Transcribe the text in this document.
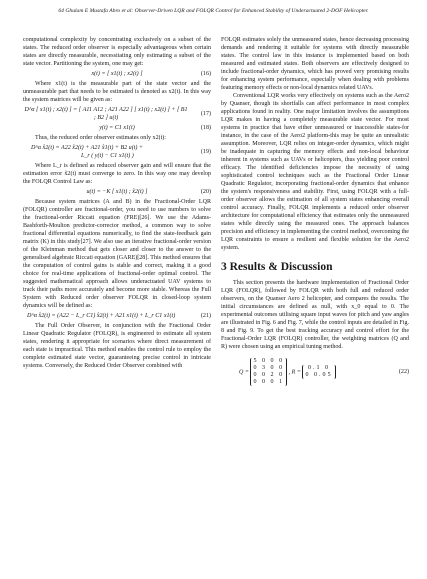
64 Ghulam E Mustafa Abro et al: Observer-Driven LQR and FOLQR Control for Enhanced Stability of Underactuated 2-DOF Helicopter.

computational complexity by concentrating exclusively on a subset of the states. The reduced order observer is especially advantageous when certain states are directly measurable, necessitating only estimating a subset of the state vector. Partitioning the system, one may get:

x(t) = [ x1(t) ; x2(t) ]	(16)

Where x1(t) is the measurable part of the state vector and the unmeasurable part that needs to be estimated is denoted as x2(t). In this way the system matrices will be given as:

D^α [ x1(t) ; x2(t) ] = [ A11 A12 ; A21 A22 ] [ x1(t) ; x2(t) ] + [ B1 ; B2 ] u(t)
(17)
y(t) = C1 x1(t)	(18)

Thus, the reduced order observer estimates only x2(t):

D^α x̂2(t) = A22 x̂2(t) + A21 x̂1(t) + B2 u(t) +
L_r ( y(t) − C1 x1(t) )
(19)

Where L_r is defined as reduced observer gain and will ensure that the estimation error x̃2(t) must converge to zero. In this way one may develop the FOLQR Control Law as:

u(t) = −K [ x1(t) ; x̂2(t) ]	(20)

Because system matrices (A and B) in the Fractional-Order LQR (FOLQR) controller are fractional-order, you need to use numbers to solve the fractional-order Riccati equation (FRE)[26]. We use the Adams-Bashforth-Moulton predictor-corrector method, a common way to solve fractional differential equations numerically, to find the state-feedback gain matrix (K) in this study[27]. We also use an iterative fractional-order version of the Kleinman method that gets closer and closer to the answer to the generalised algebraic Riccati equation (GARE)[28]. This method ensures that the computation of control gains is stable and correct, making it a good choice for real-time applications of fractional-order optimal control. The suggested mathematical approach allows underactuated UAV systems to track their paths more accurately and become more stable. Whereas the Full System with Reduced order observer FOLQR in closed-loop system dynamics will be defined as:

D^α x̂2(t) = (A22 − L_r C1) x̂2(t) + A21 x1(t) + L_r C1 x1(t)	(21)

The Full Order Observer, in conjunction with the Fractional Order Linear Quadratic Regulator (FOLQR), is engineered to estimate all system states, rendering it appropriate for scenarios where direct measurement of each state is impractical. This method enables the control rule to employ the complete estimated state vector, guaranteeing precise control in intricate systems. Conversely, the Reduced Order Observer combined with

FOLQR estimates solely the unmeasured states, hence decreasing processing demands and rendering it suitable for systems with directly measurable states. The control law in this instance is implemented based on both measured and estimated states. Both observers are effectively designed to include fractional-order dynamics, which has proved very promising results for enhancing system performance, especially when dealing with problems featuring memory effects or non-local dynamics related UAVs.

Conventional LQR works very effectively on systems such as the Aero2 by Quanser, though its shortfalls can affect performance in most complex applications found in reality. One major limitation involves the assumptions LQR makes in having a completely measurable state vector. For most systems in practice that have either unmeasured or inaccessible states-for instance, in the case of the Aero2 platform-this may be quite an unrealistic assumption. Moreover, LQR relies on integer-order dynamics, which might be inadequate in capturing the memory effects and non-local behaviour inherent in systems such as UAVs or helicopters, thus yielding poor control efficacy. The identified deficiencies impose the necessity of using sophisticated control techniques such as the Fractional Order Linear Quadratic Regulator, incorporating fractional-order dynamics that enhance the system's responsiveness and stability. First, using FOLQR with a full-order observer allows the estimation of all system states enhancing overall control accuracy. Finally, FOLQR implements a reduced order observer architecture for computational efficiency that estimates only the unmeasured states while directly using the measured ones. The approach balances precision and efficiency in implementing the control method, overcoming the LQR constraints to ensure a resilient and flexible solution for the Aero2 system.

3 Results & Discussion

This section presents the hardware implementation of Fractional Order LQR (FOLQR), followed by FOLQR with both full and reduced order observers, on the Quanser Aero 2 helicopter, and compares the results. The initial circumstances are defined as null, with x_0 equal to 0. The experimental outcomes utilising square input waves for pitch and yaw angles are illustrated in Fig. 6 and Fig. 7, while the control inputs are detailed in Fig. 8 and Fig. 9. To get the best tracking accuracy and control effort for the Fractional-Order LQR (FOLQR) controller, the weighting matrices (Q and R) were chosen using an empirical tuning method.

Q =
5 0 0 0
0 3 0 0
0 0 2 0
0 0 0 1
, R =
0.1 0
0 0.05	(22)
